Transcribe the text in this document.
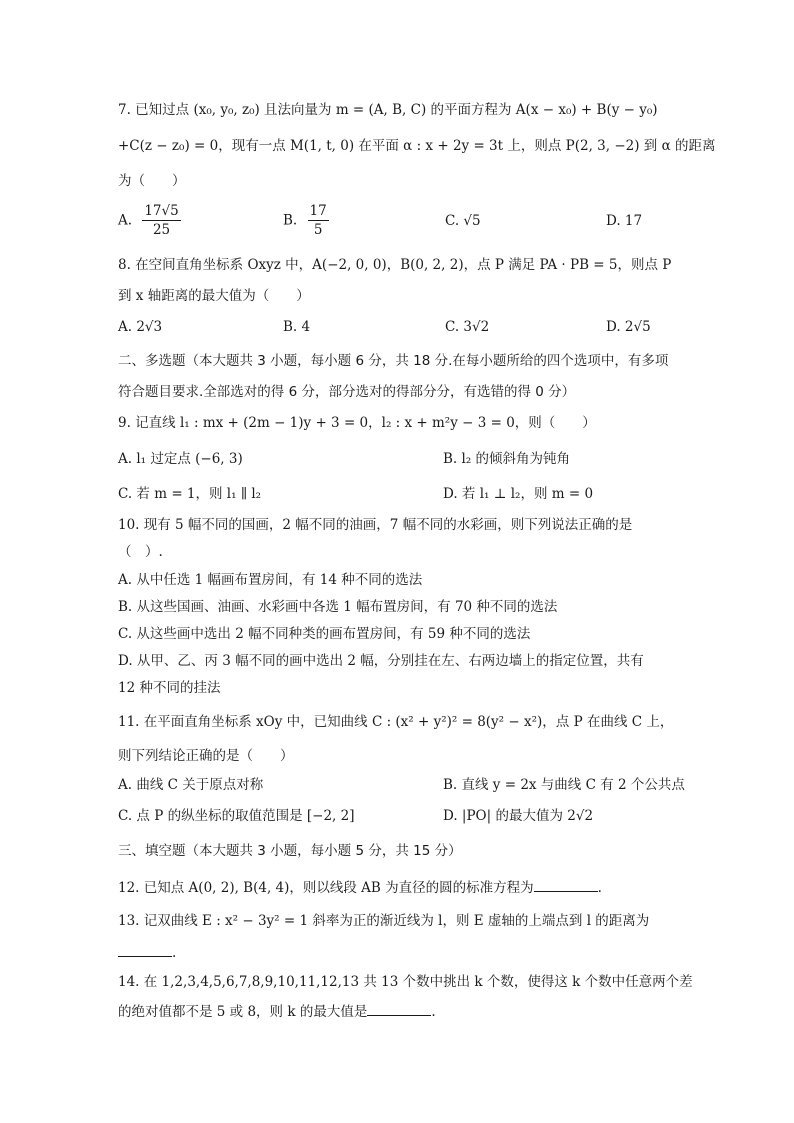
7. 已知过点 (x₀, y₀, z₀) 且法向量为 m = (A, B, C) 的平面方程为 A(x − x₀) + B(y − y₀)
+C(z − z₀) = 0，现有一点 M(1, t, 0) 在平面 α : x + 2y = 3t 上，则点 P(2, 3, −2) 到 α 的距离
为（　　）
A. $\frac{17√5}{25}$	B. $\frac{17}{5}$	C. √5	D. 17
8. 在空间直角坐标系 Oxyz 中，A(−2, 0, 0)，B(0, 2, 2)，点 P 满足 PA · PB = 5，则点 P
到 x 轴距离的最大值为（　　）
A. 2√3	B. 4	C. 3√2	D. 2√5
二、多选题（本大题共 3 小题，每小题 6 分，共 18 分.在每小题所给的四个选项中，有多项
符合题目要求.全部选对的得 6 分，部分选对的得部分分，有选错的得 0 分）
9. 记直线 l₁ : mx + (2m − 1)y + 3 = 0，l₂ : x + m²y − 3 = 0，则（　　）
A. l₁ 过定点 (−6, 3)	B. l₂ 的倾斜角为钝角
C. 若 m = 1，则 l₁ ∥ l₂	D. 若 l₁ ⊥ l₂，则 m = 0
10. 现有 5 幅不同的国画，2 幅不同的油画，7 幅不同的水彩画，则下列说法正确的是
（　）.
A. 从中任选 1 幅画布置房间，有 14 种不同的选法
B. 从这些国画、油画、水彩画中各选 1 幅布置房间，有 70 种不同的选法
C. 从这些画中选出 2 幅不同种类的画布置房间，有 59 种不同的选法
D. 从甲、乙、丙 3 幅不同的画中选出 2 幅，分别挂在左、右两边墙上的指定位置，共有
12 种不同的挂法
11. 在平面直角坐标系 xOy 中，已知曲线 C : (x² + y²)² = 8(y² − x²)，点 P 在曲线 C 上，
则下列结论正确的是（　　）
A. 曲线 C 关于原点对称	B. 直线 y = 2x 与曲线 C 有 2 个公共点
C. 点 P 的纵坐标的取值范围是 [−2, 2]	D. |PO| 的最大值为 2√2
三、填空题（本大题共 3 小题，每小题 5 分，共 15 分）
12. 已知点 A(0, 2), B(4, 4)，则以线段 AB 为直径的圆的标准方程为	.
13. 记双曲线 E : x² − 3y² = 1 斜率为正的渐近线为 l，则 E 虚轴的上端点到 l 的距离为
.
14. 在 1,2,3,4,5,6,7,8,9,10,11,12,13 共 13 个数中挑出 k 个数，使得这 k 个数中任意两个差
的绝对值都不是 5 或 8，则 k 的最大值是	.
